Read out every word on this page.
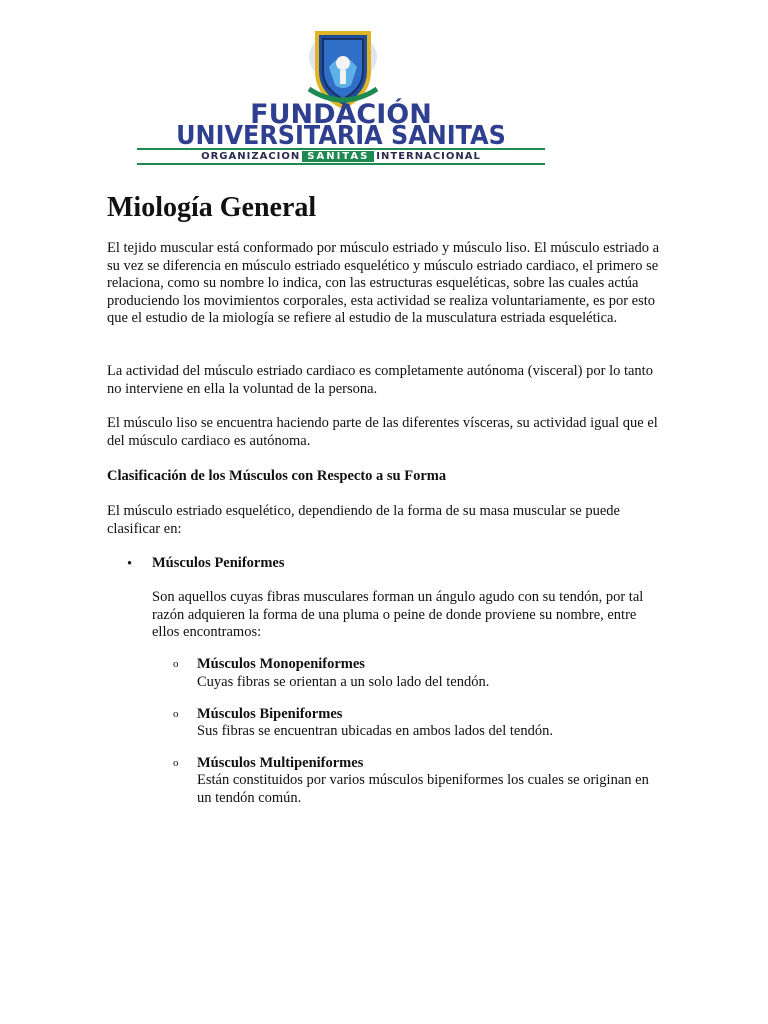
FUNDACIÓN
UNIVERSITARIA SANITAS
ORGANIZACION SANITAS INTERNACIONAL
Miología General

El tejido muscular está conformado por músculo estriado y músculo liso. El músculo estriado a su vez se diferencia en músculo estriado esquelético y músculo estriado cardiaco, el primero se relaciona, como su nombre lo indica, con las estructuras esqueléticas, sobre las cuales actúa produciendo los movimientos corporales, esta actividad se realiza voluntariamente, es por esto que el estudio de la miología se refiere al estudio de la musculatura estriada esquelética.

La actividad del músculo estriado cardiaco es completamente autónoma (visceral) por lo tanto no interviene en ella la voluntad de la persona.

El músculo liso se encuentra haciendo parte de las diferentes vísceras, su actividad igual que el del músculo cardiaco es autónoma.

Clasificación de los Músculos con Respecto a su Forma

El músculo estriado esquelético, dependiendo de la forma de su masa muscular se puede clasificar en:

• Músculos Peniformes

Son aquellos cuyas fibras musculares forman un ángulo agudo con su tendón, por tal razón adquieren la forma de una pluma o peine de donde proviene su nombre, entre ellos encontramos:

o Músculos Monopeniformes

Cuyas fibras se orientan a un solo lado del tendón.

o Músculos Bipeniformes

Sus fibras se encuentran ubicadas en ambos lados del tendón.

o Músculos Multipeniformes

Están constituidos por varios músculos bipeniformes los cuales se originan en un tendón común.
